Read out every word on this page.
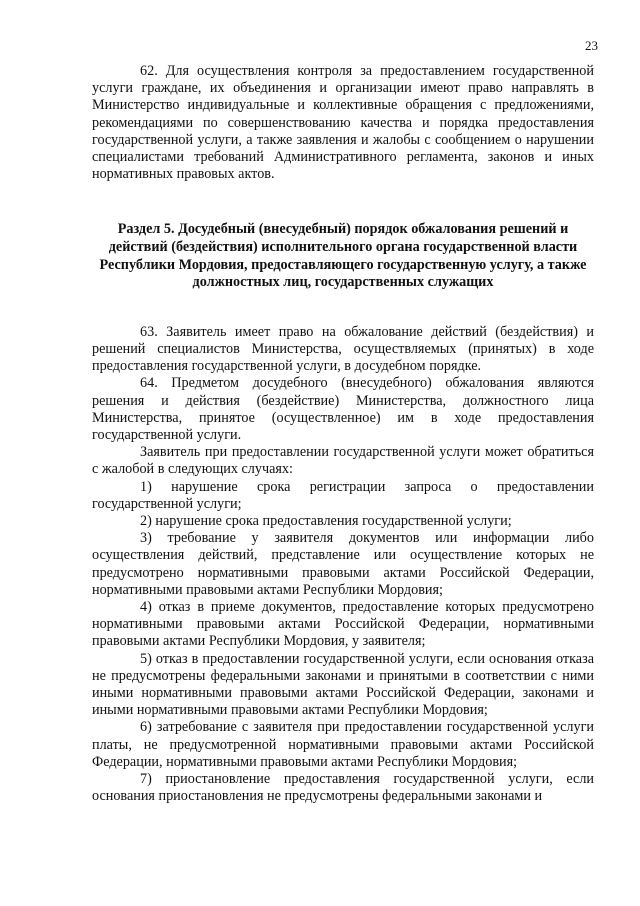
23

62. Для осуществления контроля за предоставлением государственной услуги граждане, их объединения и организации имеют право направлять в Министерство индивидуальные и коллективные обращения с предложениями, рекомендациями по совершенствованию качества и порядка предоставления государственной услуги, а также заявления и жалобы с сообщением о нарушении специалистами требований Административного регламента, законов и иных нормативных правовых актов.

Раздел 5. Досудебный (внесудебный) порядок обжалования решений и действий (бездействия) исполнительного органа государственной власти Республики Мордовия, предоставляющего государственную услугу, а также должностных лиц, государственных служащих

63. Заявитель имеет право на обжалование действий (бездействия) и решений специалистов Министерства, осуществляемых (принятых) в ходе предоставления государственной услуги, в досудебном порядке.

64. Предметом досудебного (внесудебного) обжалования являются решения и действия (бездействие) Министерства, должностного лица Министерства, принятое (осуществленное) им в ходе предоставления государственной услуги.

Заявитель при предоставлении государственной услуги может обратиться с жалобой в следующих случаях:

1) нарушение срока регистрации запроса о предоставлении государственной услуги;

2) нарушение срока предоставления государственной услуги;

3) требование у заявителя документов или информации либо осуществления действий, представление или осуществление которых не предусмотрено нормативными правовыми актами Российской Федерации, нормативными правовыми актами Республики Мордовия;

4) отказ в приеме документов, предоставление которых предусмотрено нормативными правовыми актами Российской Федерации, нормативными правовыми актами Республики Мордовия, у заявителя;

5) отказ в предоставлении государственной услуги, если основания отказа не предусмотрены федеральными законами и принятыми в соответствии с ними иными нормативными правовыми актами Российской Федерации, законами и иными нормативными правовыми актами Республики Мордовия;

6) затребование с заявителя при предоставлении государственной услуги платы, не предусмотренной нормативными правовыми актами Российской Федерации, нормативными правовыми актами Республики Мордовия;

7) приостановление предоставления государственной услуги, если основания приостановления не предусмотрены федеральными законами и
